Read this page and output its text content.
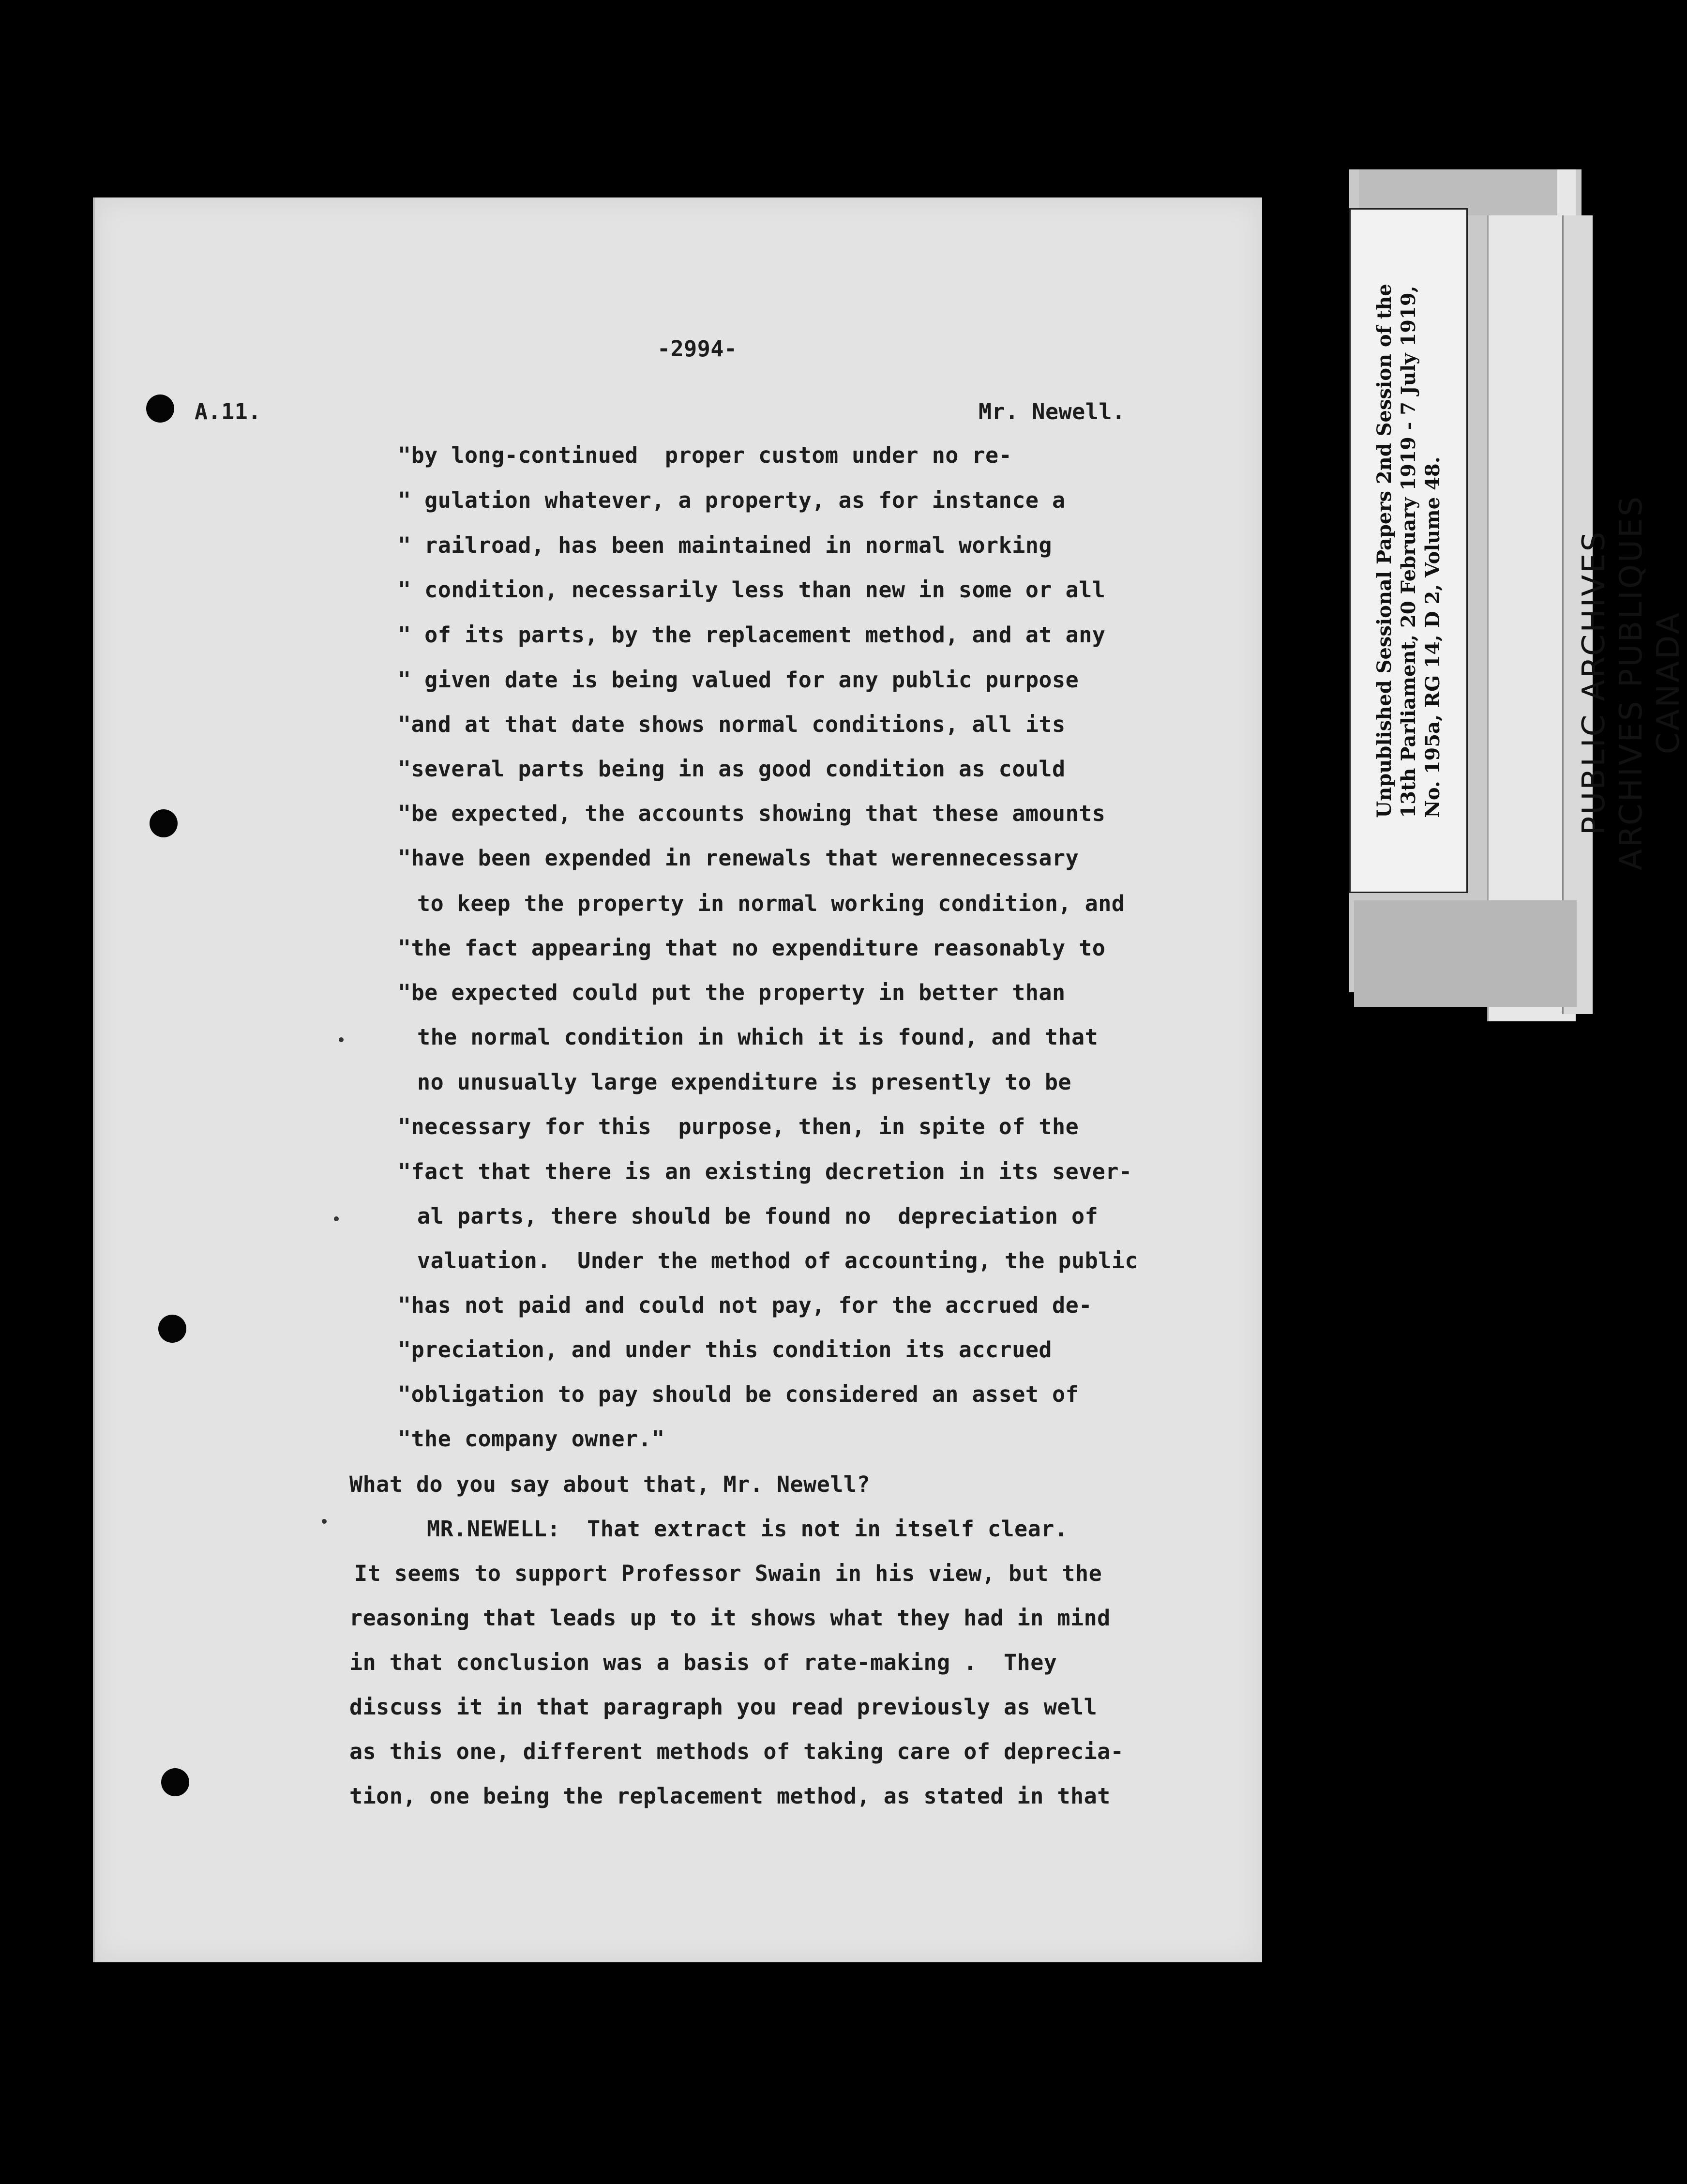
-2994-
A.11.	Mr. Newell.
"by long-continued  proper custom under no re-
" gulation whatever, a property, as for instance a
" railroad, has been maintained in normal working
" condition, necessarily less than new in some or all
" of its parts, by the replacement method, and at any
" given date is being valued for any public purpose
"and at that date shows normal conditions, all its
"several parts being in as good condition as could
"be expected, the accounts showing that these amounts
"have been expended in renewals that werennecessary
to keep the property in normal working condition, and
"the fact appearing that no expenditure reasonably to
"be expected could put the property in better than
the normal condition in which it is found, and that
no unusually large expenditure is presently to be
"necessary for this  purpose, then, in spite of the
"fact that there is an existing decretion in its sever-
al parts, there should be found no  depreciation of
valuation.  Under the method of accounting, the public
"has not paid and could not pay, for the accrued de-
"preciation, and under this condition its accrued
"obligation to pay should be considered an asset of
"the company owner."
What do you say about that, Mr. Newell?
MR.NEWELL:  That extract is not in itself clear.
It seems to support Professor Swain in his view, but the
reasoning that leads up to it shows what they had in mind
in that conclusion was a basis of rate-making .  They
discuss it in that paragraph you read previously as well
as this one, different methods of taking care of deprecia-
tion, one being the replacement method, as stated in that
Unpublished Sessional Papers 2nd Session of the
13th Parliament, 20 February 1919 - 7 July 1919,
No. 195a, RG 14, D 2, Volume 48.	PUBLIC ARCHIVES
ARCHIVES PUBLIQUES
CANADA
